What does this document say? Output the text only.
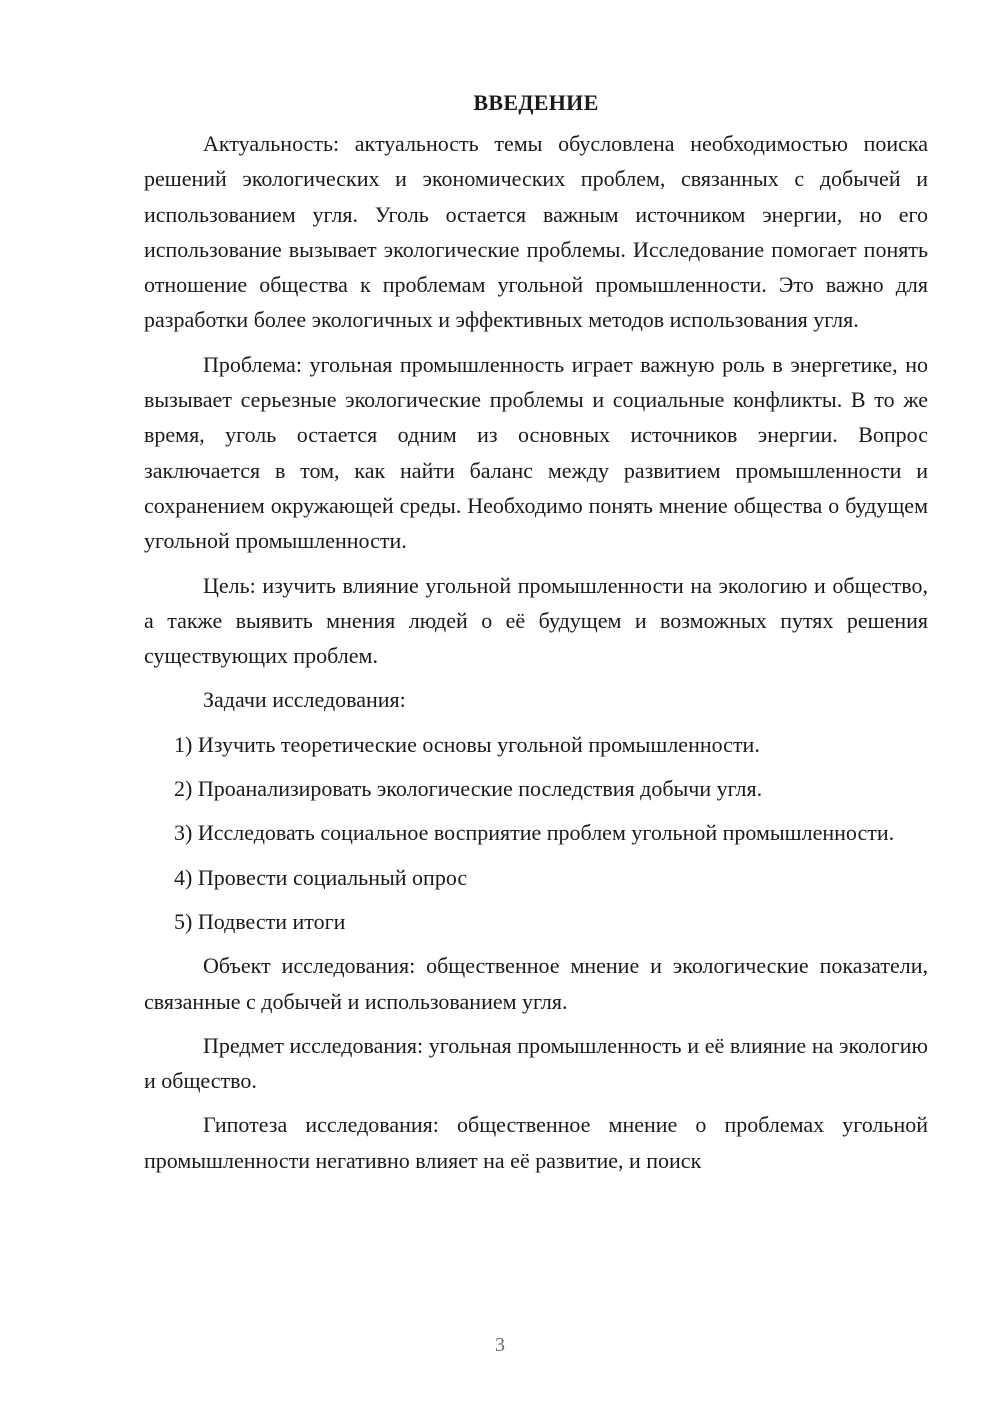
ВВЕДЕНИЕ

Актуальность: актуальность темы обусловлена необходимостью поиска решений экологических и экономических проблем, связанных с добычей и использованием угля. Уголь остается важным источником энергии, но его использование вызывает экологические проблемы. Исследование помогает понять отношение общества к проблемам угольной промышленности. Это важно для разработки более экологичных и эффективных методов использования угля.

Проблема: угольная промышленность играет важную роль в энергетике, но вызывает серьезные экологические проблемы и социальные конфликты. В то же время, уголь остается одним из основных источников энергии. Вопрос заключается в том, как найти баланс между развитием промышленности и сохранением окружающей среды. Необходимо понять мнение общества о будущем угольной промышленности.

Цель: изучить влияние угольной промышленности на экологию и общество, а также выявить мнения людей о её будущем и возможных путях решения существующих проблем.

Задачи исследования:

1) Изучить теоретические основы угольной промышленности.

2) Проанализировать экологические последствия добычи угля.

3) Исследовать социальное восприятие проблем угольной промышленности.

4) Провести социальный опрос

5) Подвести итоги

Объект исследования: общественное мнение и экологические показатели, связанные с добычей и использованием угля.

Предмет исследования: угольная промышленность и её влияние на экологию и общество.

Гипотеза исследования: общественное мнение о проблемах угольной промышленности негативно влияет на её развитие, и поиск

3
